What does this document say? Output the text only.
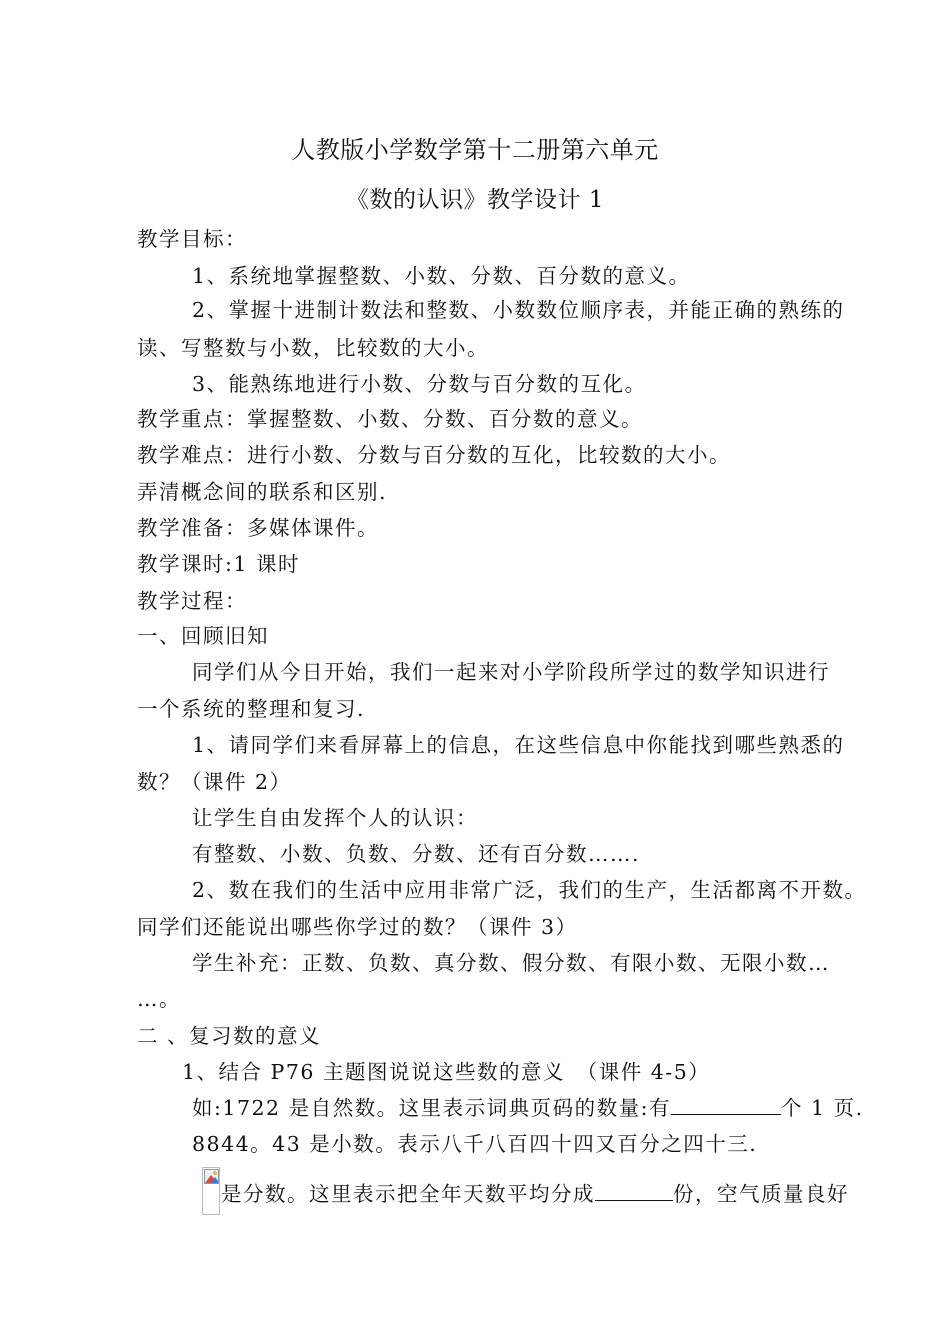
人教版小学数学第十二册第六单元
《数的认识》教学设计 1
教学目标：
1、系统地掌握整数、小数、分数、百分数的意义。
2、掌握十进制计数法和整数、小数数位顺序表，并能正确的熟练的
读、写整数与小数，比较数的大小。
3、能熟练地进行小数、分数与百分数的互化。
教学重点：掌握整数、小数、分数、百分数的意义。
教学难点：进行小数、分数与百分数的互化，比较数的大小。
弄清概念间的联系和区别.
教学准备：多媒体课件。
教学课时:1 课时
教学过程：
一、回顾旧知
同学们从今日开始，我们一起来对小学阶段所学过的数学知识进行
一个系统的整理和复习.
1、请同学们来看屏幕上的信息，在这些信息中你能找到哪些熟悉的
数？（课件 2）
让学生自由发挥个人的认识：
有整数、小数、负数、分数、还有百分数…….
2、数在我们的生活中应用非常广泛，我们的生产，生活都离不开数。
同学们还能说出哪些你学过的数？（课件 3）
学生补充：正数、负数、真分数、假分数、有限小数、无限小数…
…。
二 、复习数的意义
1、结合 P76 主题图说说这些数的意义　（课件 4-5）
如:1722 是自然数。这里表示词典页码的数量:有	个 1 页.
8844。43 是小数。表示八千八百四十四又百分之四十三.
是分数。这里表示把全年天数平均分成	份，空气质量良好
